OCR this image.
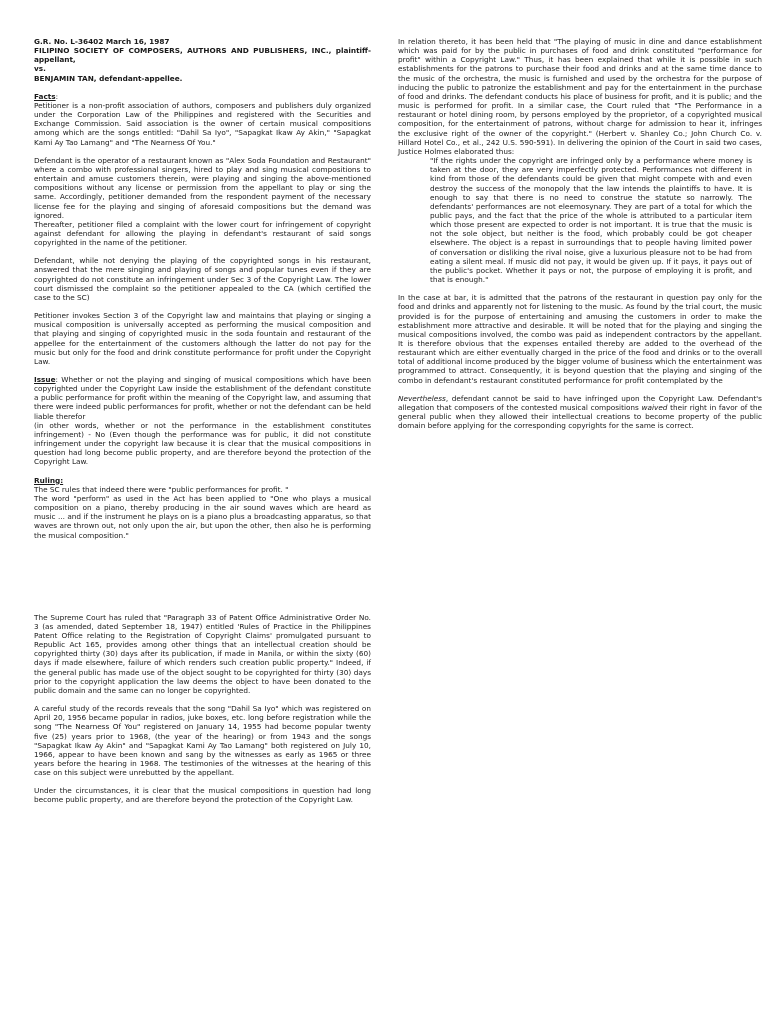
G.R. No. L-36402 March 16, 1987
FILIPINO SOCIETY OF COMPOSERS, AUTHORS AND PUBLISHERS, INC., plaintiff-appellant,
vs.
BENJAMIN TAN, defendant-appellee.
Facts:

Petitioner is a non-profit association of authors, composers and publishers duly organized under the Corporation Law of the Philippines and registered with the Securities and Exchange Commission. Said association is the owner of certain musical compositions among which are the songs entitled: "Dahil Sa Iyo", "Sapagkat Ikaw Ay Akin," "Sapagkat Kami Ay Tao Lamang" and "The Nearness Of You."

Defendant is the operator of a restaurant known as "Alex Soda Foundation and Restaurant" where a combo with professional singers, hired to play and sing musical compositions to entertain and amuse customers therein, were playing and singing the above-mentioned compositions without any license or permission from the appellant to play or sing the same. Accordingly, petitioner demanded from the respondent payment of the necessary license fee for the playing and singing of aforesaid compositions but the demand was ignored.

Thereafter, petitioner filed a complaint with the lower court for infringement of copyright against defendant for allowing the playing in defendant's restaurant of said songs copyrighted in the name of the petitioner.

Defendant, while not denying the playing of the copyrighted songs in his restaurant, answered that the mere singing and playing of songs and popular tunes even if they are copyrighted do not constitute an infringement under Sec 3 of the Copyright Law. The lower court dismissed the complaint so the petitioner appealed to the CA (which certified the case to the SC)

Petitioner invokes Section 3 of the Copyright law and maintains that playing or singing a musical composition is universally accepted as performing the musical composition and that playing and singing of copyrighted music in the soda fountain and restaurant of the appellee for the entertainment of the customers although the latter do not pay for the music but only for the food and drink constitute performance for profit under the Copyright Law.

Issue: Whether or not the playing and singing of musical compositions which have been copyrighted under the Copyright Law inside the establishment of the defendant constitute a public performance for profit within the meaning of the Copyright law, and assuming that there were indeed public performances for profit, whether or not the defendant can be held liable therefor

(in other words, whether or not the performance in the establishment constitutes infringement) - No (Even though the performance was for public, it did not constitute infringement under the copyright law because it is clear that the musical compositions in question had long become public property, and are therefore beyond the protection of the Copyright Law.

Ruling:

The SC rules that indeed there were "public performances for profit. "

The word "perform" as used in the Act has been applied to "One who plays a musical composition on a piano, thereby producing in the air sound waves which are heard as music ... and if the instrument he plays on is a piano plus a broadcasting apparatus, so that waves are thrown out, not only upon the air, but upon the other, then also he is performing the musical composition."

The Supreme Court has ruled that "Paragraph 33 of Patent Office Administrative Order No. 3 (as amended, dated September 18, 1947) entitled 'Rules of Practice in the Philippines Patent Office relating to the Registration of Copyright Claims' promulgated pursuant to Republic Act 165, provides among other things that an intellectual creation should be copyrighted thirty (30) days after its publication, if made in Manila, or within the sixty (60) days if made elsewhere, failure of which renders such creation public property." Indeed, if the general public has made use of the object sought to be copyrighted for thirty (30) days prior to the copyright application the law deems the object to have been donated to the public domain and the same can no longer be copyrighted.

A careful study of the records reveals that the song "Dahil Sa Iyo" which was registered on April 20, 1956 became popular in radios, juke boxes, etc. long before registration while the song "The Nearness Of You" registered on January 14, 1955 had become popular twenty five (25) years prior to 1968, (the year of the hearing) or from 1943 and the songs "Sapagkat Ikaw Ay Akin" and "Sapagkat Kami Ay Tao Lamang" both registered on July 10, 1966, appear to have been known and sang by the witnesses as early as 1965 or three years before the hearing in 1968. The testimonies of the witnesses at the hearing of this case on this subject were unrebutted by the appellant.

Under the circumstances, it is clear that the musical compositions in question had long become public property, and are therefore beyond the protection of the Copyright Law.

In relation thereto, it has been held that "The playing of music in dine and dance establishment which was paid for by the public in purchases of food and drink constituted "performance for profit" within a Copyright Law." Thus, it has been explained that while it is possible in such establishments for the patrons to purchase their food and drinks and at the same time dance to the music of the orchestra, the music is furnished and used by the orchestra for the purpose of inducing the public to patronize the establishment and pay for the entertainment in the purchase of food and drinks. The defendant conducts his place of business for profit, and it is public; and the music is performed for profit. In a similar case, the Court ruled that "The Performance in a restaurant or hotel dining room, by persons employed by the proprietor, of a copyrighted musical composition, for the entertainment of patrons, without charge for admission to hear it, infringes the exclusive right of the owner of the copyright." (Herbert v. Shanley Co.; John Church Co. v. Hillard Hotel Co., et al., 242 U.S. 590-591). In delivering the opinion of the Court in said two cases, Justice Holmes elaborated thus:

"If the rights under the copyright are infringed only by a performance where money is taken at the door, they are very imperfectly protected. Performances not different in kind from those of the defendants could be given that might compete with and even destroy the success of the monopoly that the law intends the plaintiffs to have. It is enough to say that there is no need to construe the statute so narrowly. The defendants' performances are not eleemosynary. They are part of a total for which the public pays, and the fact that the price of the whole is attributed to a particular item which those present are expected to order is not important. It is true that the music is not the sole object, but neither is the food, which probably could be got cheaper elsewhere. The object is a repast in surroundings that to people having limited power of conversation or disliking the rival noise, give a luxurious pleasure not to be had from eating a silent meal. If music did not pay, it would be given up. If it pays, it pays out of the public's pocket. Whether it pays or not, the purpose of employing it is profit, and that is enough."

In the case at bar, it is admitted that the patrons of the restaurant in question pay only for the food and drinks and apparently not for listening to the music. As found by the trial court, the music provided is for the purpose of entertaining and amusing the customers in order to make the establishment more attractive and desirable. It will be noted that for the playing and singing the musical compositions involved, the combo was paid as independent contractors by the appellant. It is therefore obvious that the expenses entailed thereby are added to the overhead of the restaurant which are either eventually charged in the price of the food and drinks or to the overall total of additional income produced by the bigger volume of business which the entertainment was programmed to attract. Consequently, it is beyond question that the playing and singing of the combo in defendant's restaurant constituted performance for profit contemplated by the

Nevertheless, defendant cannot be said to have infringed upon the Copyright Law. Defendant's allegation that composers of the contested musical compositions waived their right in favor of the general public when they allowed their intellectual creations to become property of the public domain before applying for the corresponding copyrights for the same is correct.
